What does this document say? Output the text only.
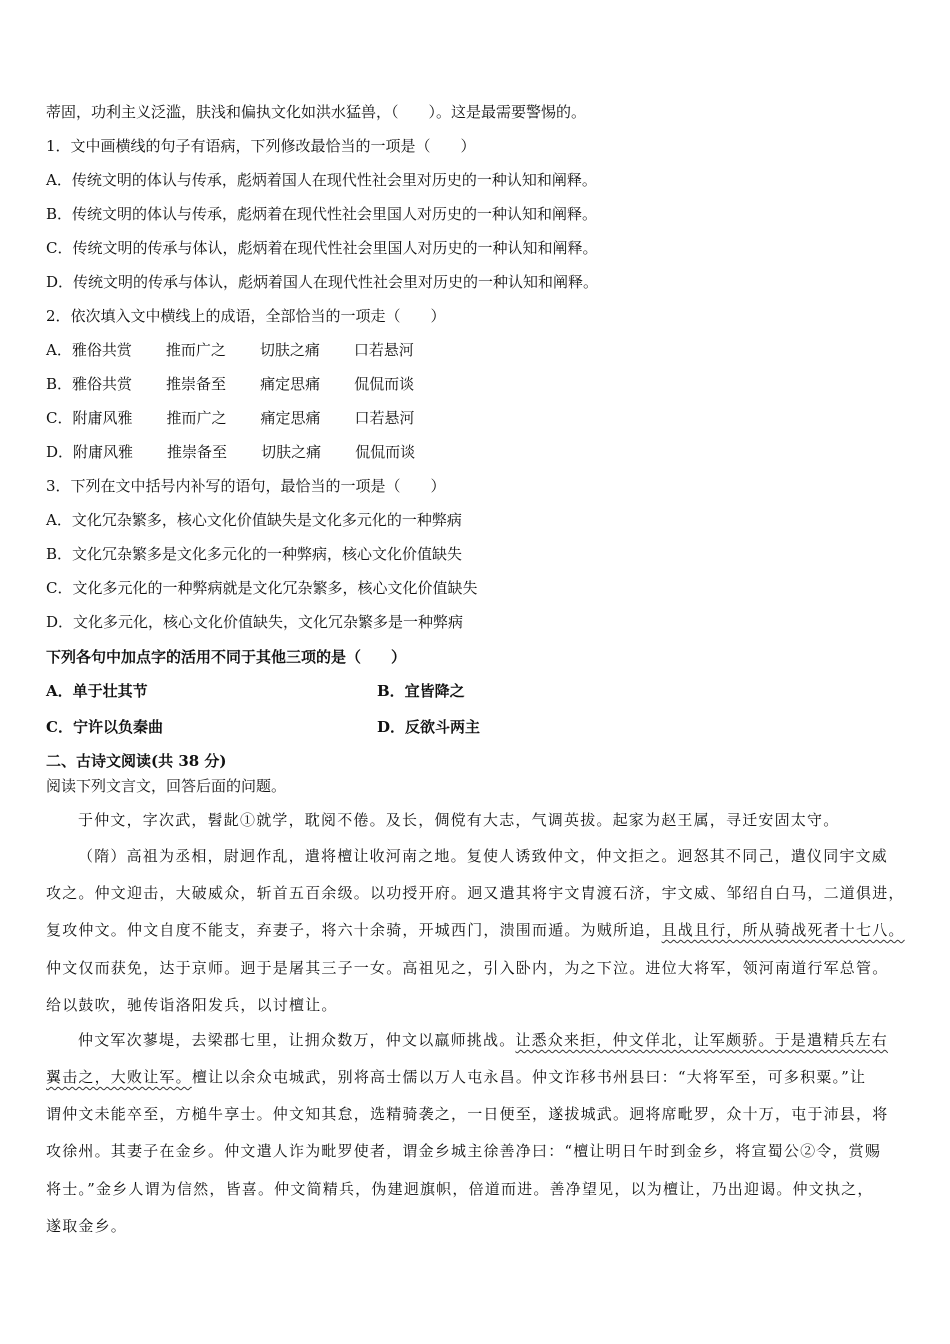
蒂固，功利主义泛滥，肤浅和偏执文化如洪水猛兽，（　　）。这是最需要警惕的。
1．文中画横线的句子有语病，下列修改最恰当的一项是（　　）
A．传统文明的体认与传承，彪炳着国人在现代性社会里对历史的一种认知和阐释。
B．传统文明的体认与传承，彪炳着在现代性社会里国人对历史的一种认知和阐释。
C．传统文明的传承与体认，彪炳着在现代性社会里国人对历史的一种认知和阐释。
D．传统文明的传承与体认，彪炳着国人在现代性社会里对历史的一种认知和阐释。
2．依次填入文中横线上的成语，全部恰当的一项走（　　）
A．雅俗共赏 推而广之 切肤之痛 口若悬河
B．雅俗共赏 推崇备至 痛定思痛 侃侃而谈
C．附庸风雅 推而广之 痛定思痛 口若悬河
D．附庸风雅 推崇备至 切肤之痛 侃侃而谈
3．下列在文中括号内补写的语句，最恰当的一项是（　　）
A．文化冗杂繁多，核心文化价值缺失是文化多元化的一种弊病
B．文化冗杂繁多是文化多元化的一种弊病，核心文化价值缺失
C．文化多元化的一种弊病就是文化冗杂繁多，核心文化价值缺失
D．文化多元化，核心文化价值缺失，文化冗杂繁多是一种弊病
下列各句中加点字的活用不同于其他三项的是（　　）
A．单于壮其节	B．宜皆降之
C．宁许以负秦曲	D．反欲斗两主
二、古诗文阅读(共 38 分)
阅读下列文言文，回答后面的问题。
于仲文，字次武，髫龀①就学，耽阅不倦。及长，倜傥有大志，气调英拔。起家为赵王属，寻迁安固太守。
（隋）高祖为丞相，尉迥作乱，遣将檀让收河南之地。复使人诱致仲文，仲文拒之。迥怒其不同己，遣仪同宇文威
攻之。仲文迎击，大破威众，斩首五百余级。以功授开府。迥又遣其将宇文胄渡石济，宇文威、邹绍自白马，二道俱进，
复攻仲文。仲文自度不能支，弃妻子，将六十余骑，开城西门，溃围而遁。为贼所追，且战且行，所从骑战死者十七八。
仲文仅而获免，达于京师。迥于是屠其三子一女。高祖见之，引入卧内，为之下泣。进位大将军，领河南道行军总管。
给以鼓吹，驰传诣洛阳发兵，以讨檀让。
仲文军次蓼堤，去梁郡七里，让拥众数万，仲文以羸师挑战。让悉众来拒，仲文佯北，让军颇骄。于是遣精兵左右
翼击之，大败让军。檀让以余众屯城武，别将高士儒以万人屯永昌。仲文诈移书州县曰：“大将军至，可多积粟。”让
谓仲文未能卒至，方槌牛享士。仲文知其怠，选精骑袭之，一日便至，遂拔城武。迥将席毗罗，众十万，屯于沛县，将
攻徐州。其妻子在金乡。仲文遣人诈为毗罗使者，谓金乡城主徐善净曰：“檀让明日午时到金乡，将宣蜀公②令，赏赐
将士。”金乡人谓为信然，皆喜。仲文简精兵，伪建迥旗帜，倍道而进。善净望见，以为檀让，乃出迎谒。仲文执之，
遂取金乡。
